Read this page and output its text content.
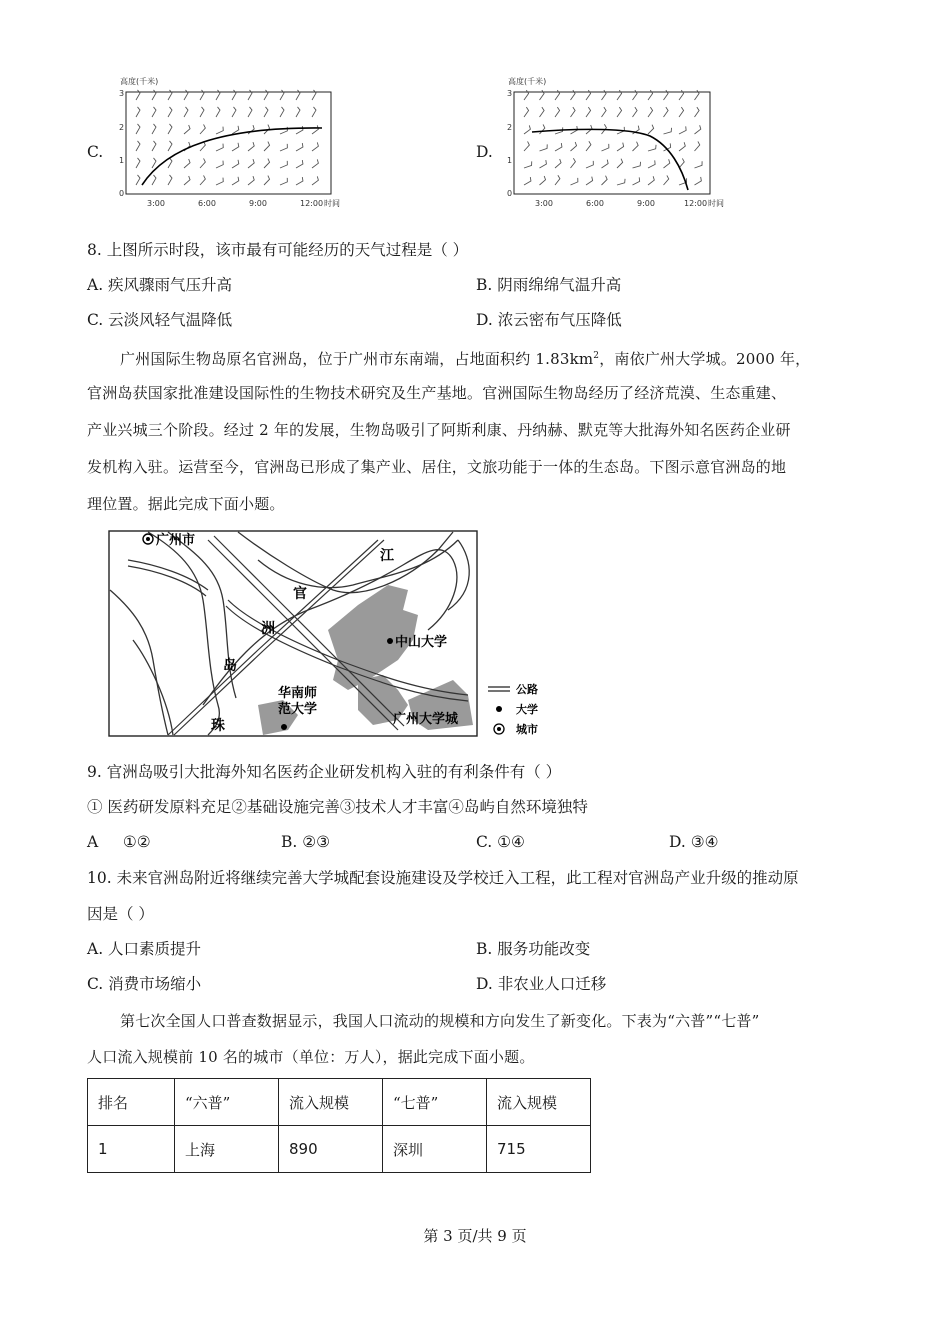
C.
高度(千米)
3
2
1
0
3:00	6:00	9:00	12:00 时间
D.
高度(千米)
3
2
1
0
3:00	6:00	9:00	12:00 时间
8. 上图所示时段，该市最有可能经历的天气过程是（ ）
A. 疾风骤雨气压升高	B. 阴雨绵绵气温升高
C. 云淡风轻气温降低	D. 浓云密布气压降低
广州国际生物岛原名官洲岛，位于广州市东南端，占地面积约 $1.83km^2$，南依广州大学城。2000 年，
官洲岛获国家批准建设国际性的生物技术研究及生产基地。官洲国际生物岛经历了经济荒漠、生态重建、
产业兴城三个阶段。经过 2 年的发展，生物岛吸引了阿斯利康、丹纳赫、默克等大批海外知名医药企业研
发机构入驻。运营至今，官洲岛已形成了集产业、居住，文旅功能于一体的生态岛。下图示意官洲岛的地
理位置。据此完成下面小题。
广州市
江
官
洲
岛
珠
中山大学
华南师
范大学
广州大学城
公路
大学
城市
9. 官洲岛吸引大批海外知名医药企业研发机构入驻的有利条件有（ ）
① 医药研发原料充足②基础设施完善③技术人才丰富④岛屿自然环境独特
A     ①②	B. ②③	C. ①④	D. ③④
10. 未来官洲岛附近将继续完善大学城配套设施建设及学校迁入工程，此工程对官洲岛产业升级的推动原
因是（ ）
A. 人口素质提升	B. 服务功能改变
C. 消费市场缩小	D. 非农业人口迁移
第七次全国人口普查数据显示，我国人口流动的规模和方向发生了新变化。下表为“六普”“七普”
人口流入规模前 10 名的城市（单位：万人），据此完成下面小题。
排名	“六普”	流入规模	“七普”	流入规模
1	上海	890	深圳	715
第 3 页/共 9 页
